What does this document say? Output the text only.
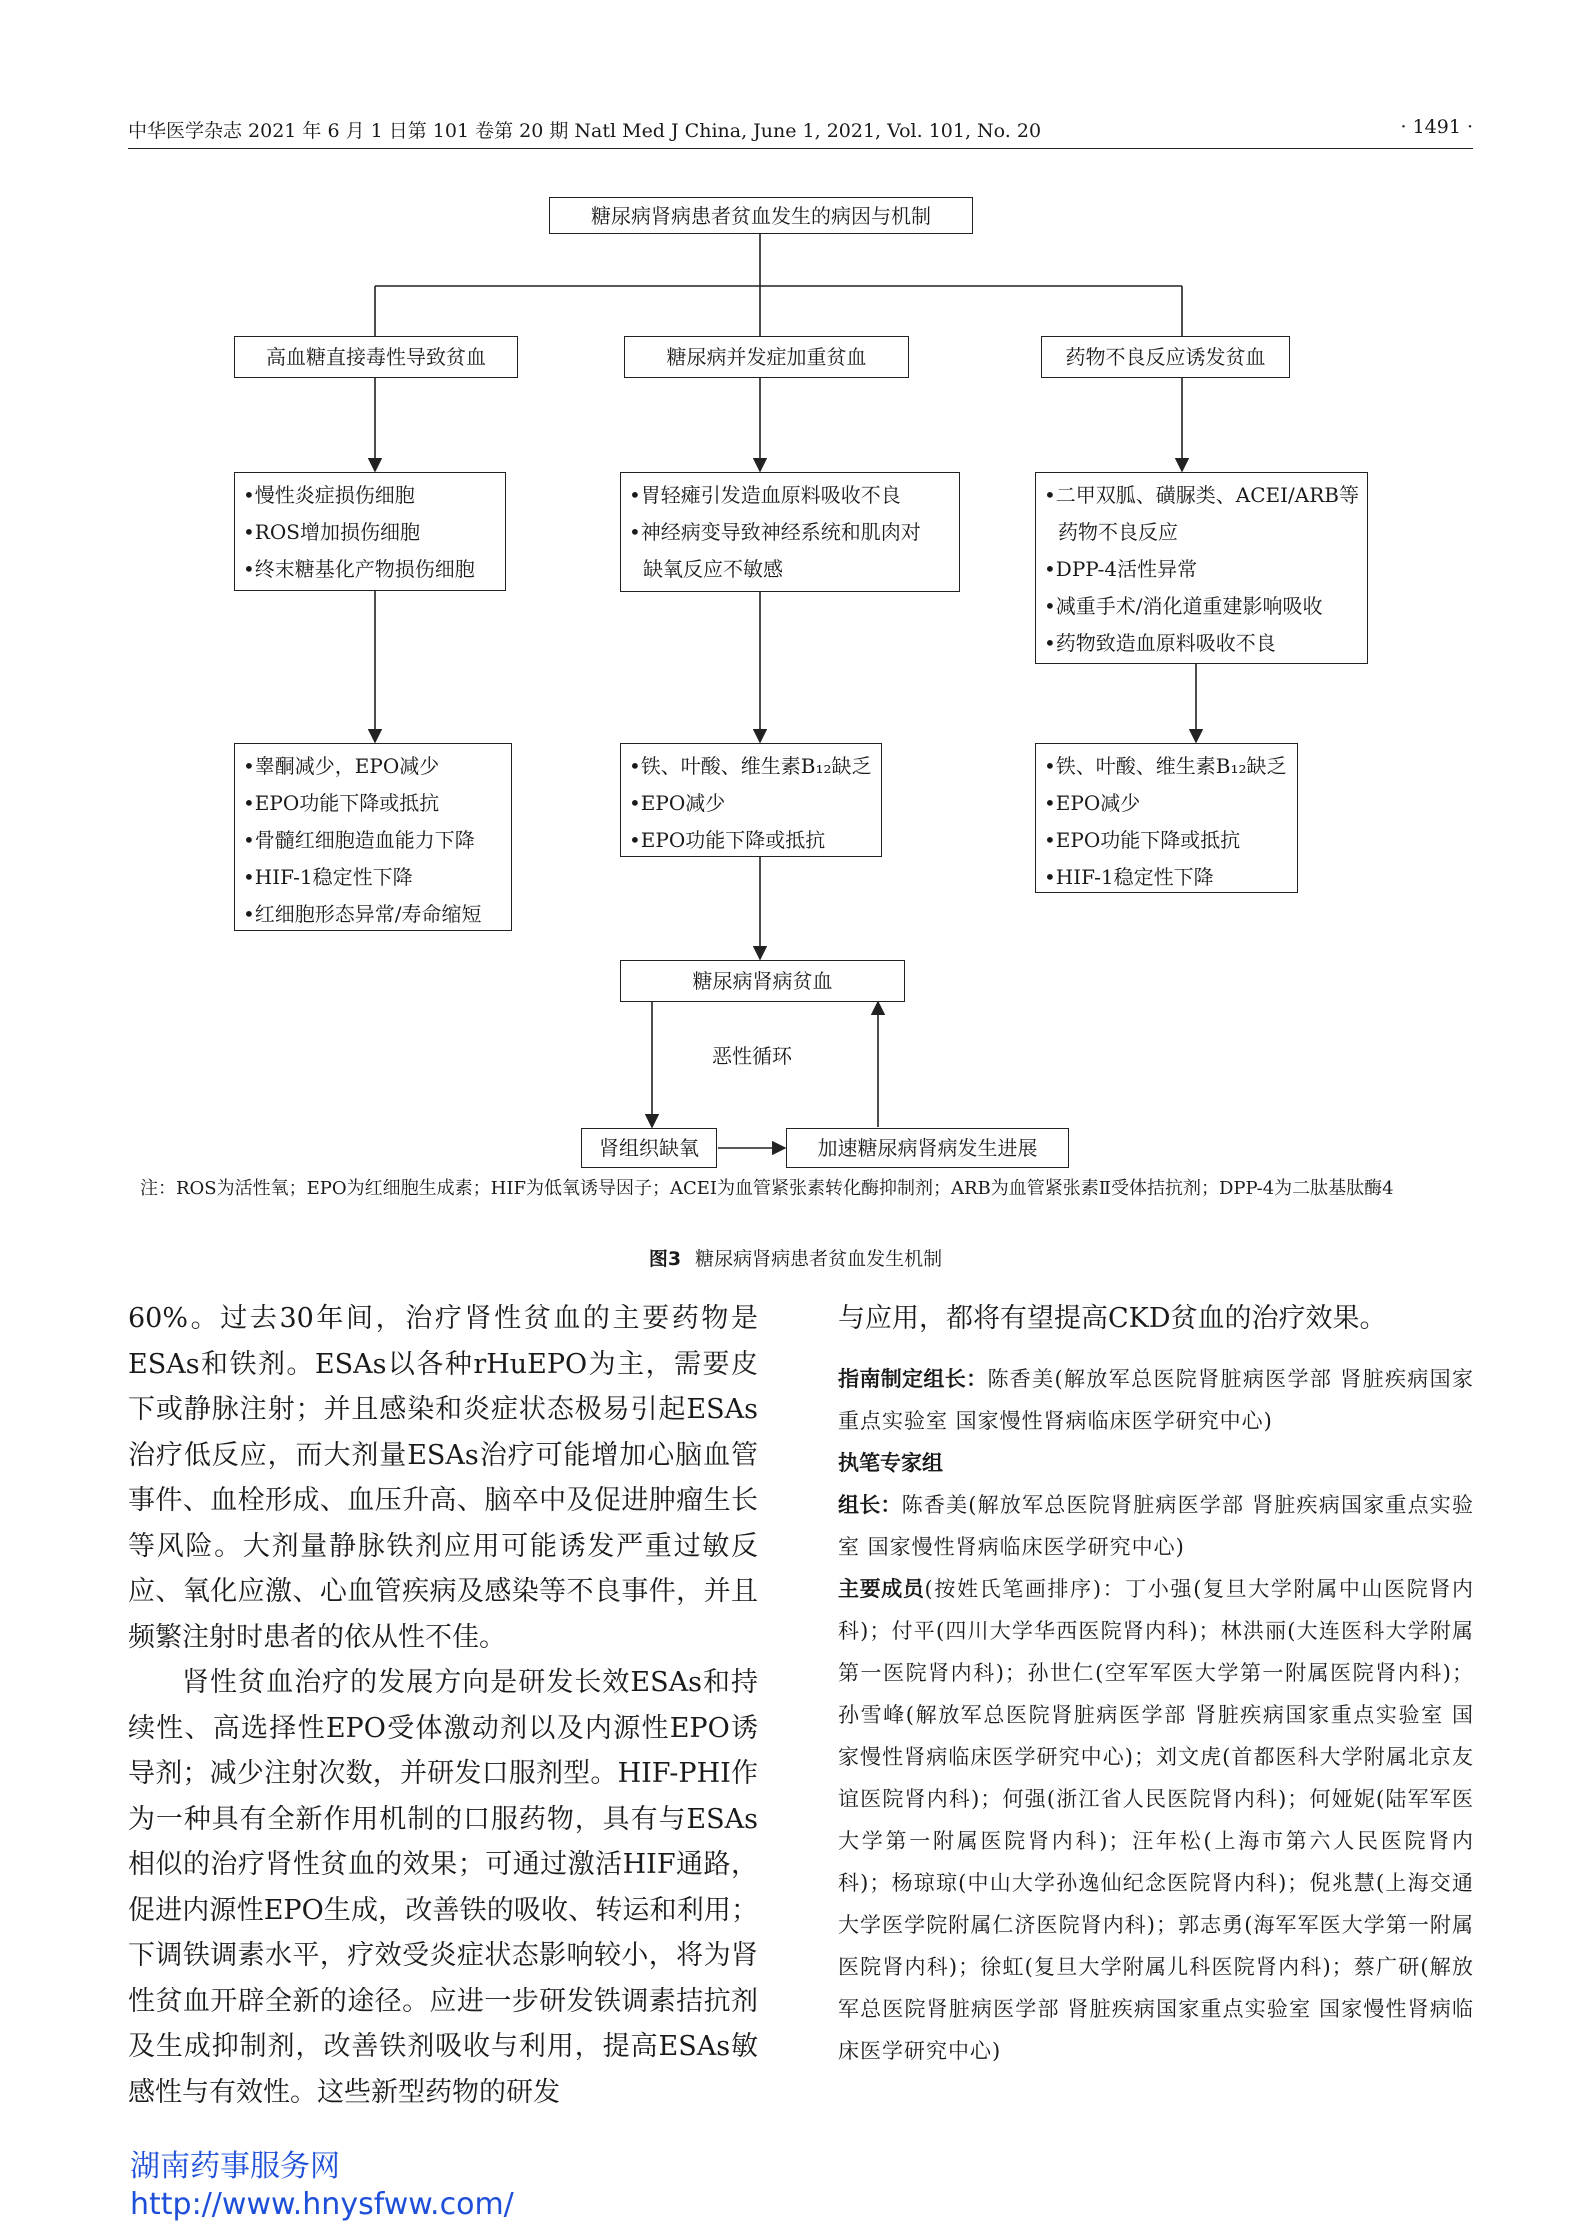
中华医学杂志 2021 年 6 月 1 日第 101 卷第 20 期 Natl Med J China, June 1, 2021, Vol. 101, No. 20	· 1491 ·
糖尿病肾病患者贫血发生的病因与机制
高血糖直接毒性导致贫血	糖尿病并发症加重贫血	药物不良反应诱发贫血
•慢性炎症损伤细胞
•ROS增加损伤细胞
•终末糖基化产物损伤细胞
•胃轻瘫引发造血原料吸收不良
•神经病变导致神经系统和肌肉对
缺氧反应不敏感
•二甲双胍、磺脲类、ACEI/ARB等
药物不良反应
•DPP-4活性异常
•减重手术/消化道重建影响吸收
•药物致造血原料吸收不良
•睾酮减少，EPO减少
•EPO功能下降或抵抗
•骨髓红细胞造血能力下降
•HIF-1稳定性下降
•红细胞形态异常/寿命缩短
•铁、叶酸、维生素B₁₂缺乏
•EPO减少
•EPO功能下降或抵抗
•铁、叶酸、维生素B₁₂缺乏
•EPO减少
•EPO功能下降或抵抗
•HIF-1稳定性下降
糖尿病肾病贫血
恶性循环
肾组织缺氧	加速糖尿病肾病发生进展
注：ROS为活性氧；EPO为红细胞生成素；HIF为低氧诱导因子；ACEI为血管紧张素转化酶抑制剂；ARB为血管紧张素Ⅱ受体拮抗剂；DPP-4为二肽基肽酶4
图3 糖尿病肾病患者贫血发生机制

60%。过去30年间，治疗肾性贫血的主要药物是ESAs和铁剂。ESAs以各种rHuEPO为主，需要皮下或静脉注射；并且感染和炎症状态极易引起ESAs治疗低反应，而大剂量ESAs治疗可能增加心脑血管事件、血栓形成、血压升高、脑卒中及促进肿瘤生长等风险。大剂量静脉铁剂应用可能诱发严重过敏反应、氧化应激、心血管疾病及感染等不良事件，并且频繁注射时患者的依从性不佳。

肾性贫血治疗的发展方向是研发长效ESAs和持续性、高选择性EPO受体激动剂以及内源性EPO诱导剂；减少注射次数，并研发口服剂型。HIF-PHI作为一种具有全新作用机制的口服药物，具有与ESAs相似的治疗肾性贫血的效果；可通过激活HIF通路，促进内源性EPO生成，改善铁的吸收、转运和利用；下调铁调素水平，疗效受炎症状态影响较小，将为肾性贫血开辟全新的途径。应进一步研发铁调素拮抗剂及生成抑制剂，改善铁剂吸收与利用，提高ESAs敏感性与有效性。这些新型药物的研发

与应用，都将有望提高CKD贫血的治疗效果。

指南制定组长：陈香美(解放军总医院肾脏病医学部 肾脏疾病国家重点实验室 国家慢性肾病临床医学研究中心)

执笔专家组

组长：陈香美(解放军总医院肾脏病医学部 肾脏疾病国家重点实验室 国家慢性肾病临床医学研究中心)

主要成员(按姓氏笔画排序)：丁小强(复旦大学附属中山医院肾内科)；付平(四川大学华西医院肾内科)；林洪丽(大连医科大学附属第一医院肾内科)；孙世仁(空军军医大学第一附属医院肾内科)；孙雪峰(解放军总医院肾脏病医学部 肾脏疾病国家重点实验室 国家慢性肾病临床医学研究中心)；刘文虎(首都医科大学附属北京友谊医院肾内科)；何强(浙江省人民医院肾内科)；何娅妮(陆军军医大学第一附属医院肾内科)；汪年松(上海市第六人民医院肾内科)；杨琼琼(中山大学孙逸仙纪念医院肾内科)；倪兆慧(上海交通大学医学院附属仁济医院肾内科)；郭志勇(海军军医大学第一附属医院肾内科)；徐虹(复旦大学附属儿科医院肾内科)；蔡广研(解放军总医院肾脏病医学部 肾脏疾病国家重点实验室 国家慢性肾病临床医学研究中心)

湖南药事服务网
http://www.hnysfww.com/
